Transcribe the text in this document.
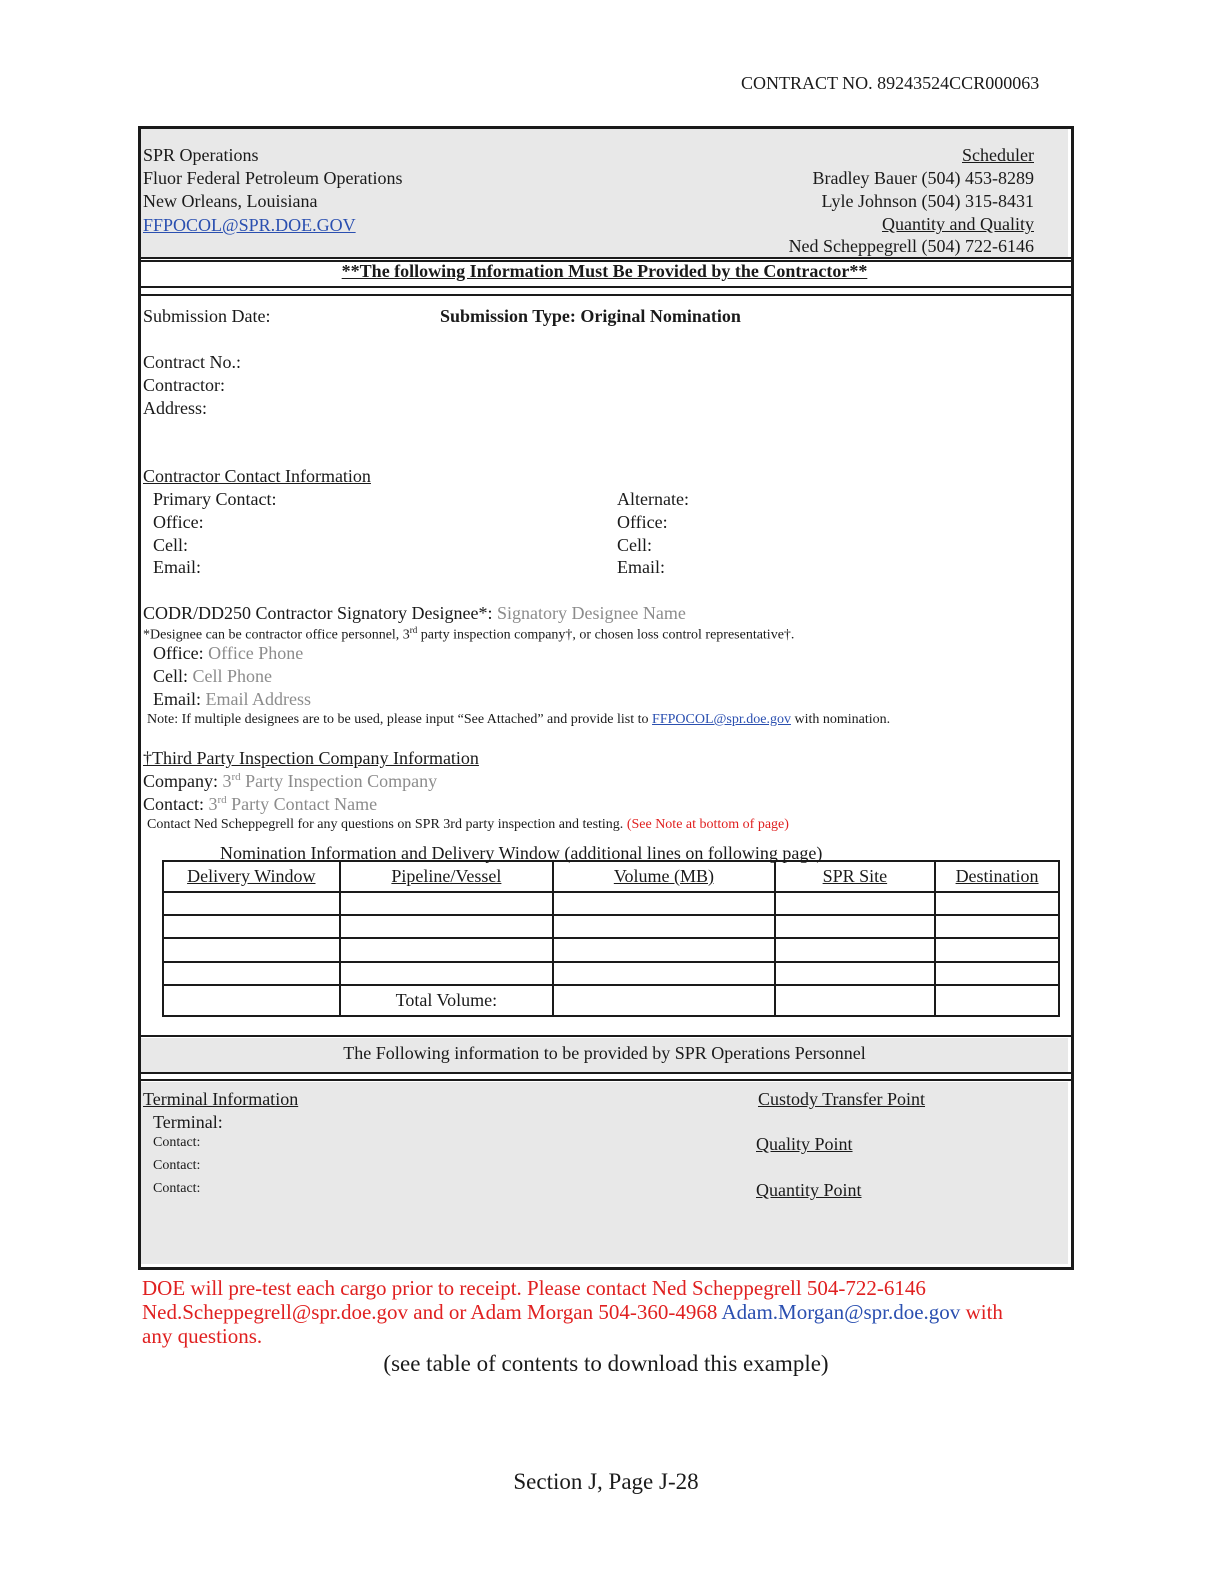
CONTRACT NO. 89243524CCR000063
SPR Operations
Fluor Federal Petroleum Operations
New Orleans, Louisiana
FFPOCOL@SPR.DOE.GOV
Scheduler
Bradley Bauer (504) 453-8289
Lyle Johnson (504) 315-8431
Quantity and Quality
Ned Scheppegrell (504) 722-6146
**The following Information Must Be Provided by the Contractor**
Submission Date:	Submission Type: Original Nomination
Contract No.:
Contractor:
Address:
Contractor Contact Information
Primary Contact:
Office:
Cell:
Email:
Alternate:
Office:
Cell:
Email:
CODR/DD250 Contractor Signatory Designee*: Signatory Designee Name
*Designee can be contractor office personnel, 3rd party inspection company†, or chosen loss control representative†.
Office: Office Phone
Cell: Cell Phone
Email: Email Address
Note: If multiple designees are to be used, please input “See Attached” and provide list to FFPOCOL@spr.doe.gov with nomination.
†Third Party Inspection Company Information
Company: 3rd Party Inspection Company
Contact: 3rd Party Contact Name
Contact Ned Scheppegrell for any questions on SPR 3rd party inspection and testing. (See Note at bottom of page)
Nomination Information and Delivery Window (additional lines on following page)
Delivery Window	Pipeline/Vessel	Volume (MB)	SPR Site	Destination

	Total Volume:			
The Following information to be provided by SPR Operations Personnel
Terminal Information
Terminal:
Contact:
Contact:
Contact:
Custody Transfer Point
Quality Point
Quantity Point
DOE will pre-test each cargo prior to receipt. Please contact Ned Scheppegrell 504-722-6146
Ned.Scheppegrell@spr.doe.gov and or Adam Morgan 504-360-4968 Adam.Morgan@spr.doe.gov with
any questions.
(see table of contents to download this example)
Section J, Page J-28
